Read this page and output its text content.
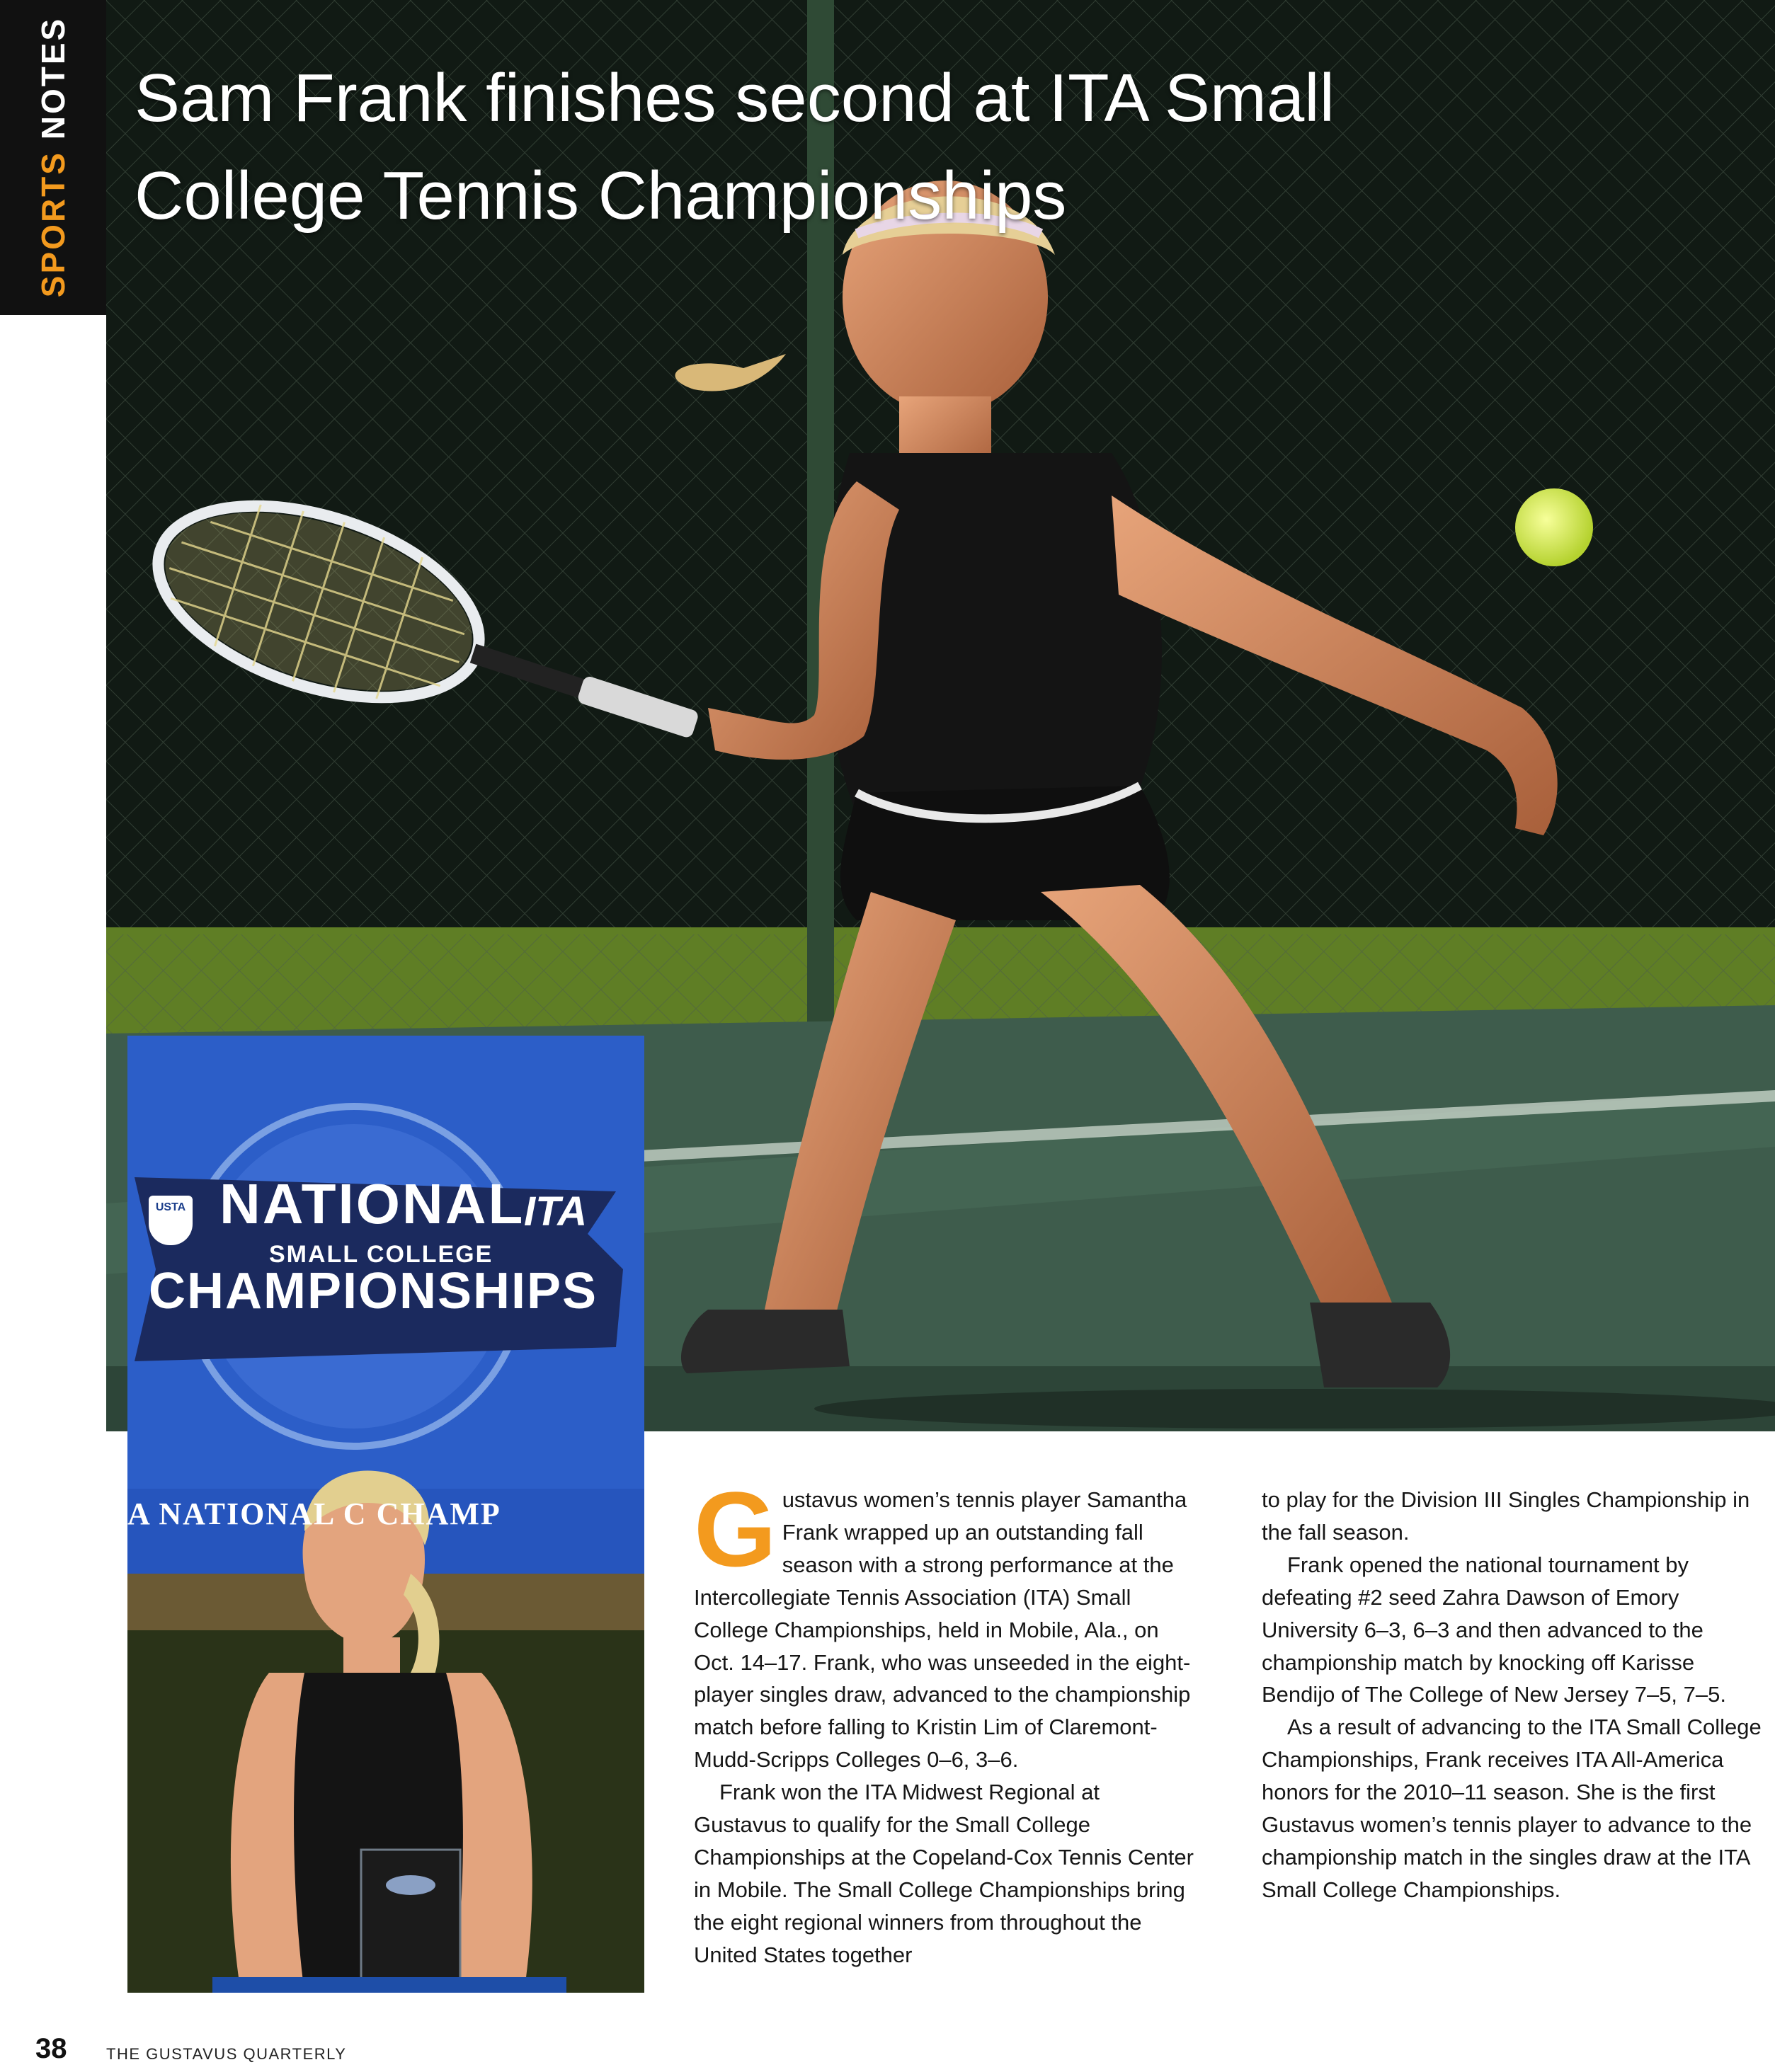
SPORTS NOTES Sam Frank finishes second at ITA Small College Tennis Championships
USTA NATIONAL
ITA
SMALL COLLEGE
CHAMPIONSHIPS
A NATIONAL C CHAMP Gustavus women’s tennis player Samantha Frank wrapped up an outstanding fall season with a strong performance at the Intercollegiate Tennis Association (ITA) Small College Championships, held in Mobile, Ala., on Oct. 14–17. Frank, who was unseeded in the eight-player singles draw, advanced to the championship match before falling to Kristin Lim of Claremont-Mudd-Scripps Colleges 0–6, 3–6.

Frank won the ITA Midwest Regional at Gustavus to qualify for the Small College Championships at the Copeland-Cox Tennis Center in Mobile. The Small College Championships bring the eight regional winners from throughout the United States together

to play for the Division III Singles Championship in the fall season.

Frank opened the national tournament by defeating #2 seed Zahra Dawson of Emory University 6–3, 6–3 and then advanced to the championship match by knocking off Karisse Bendijo of The College of New Jersey 7–5, 7–5.

As a result of advancing to the ITA Small College Championships, Frank receives ITA All-America honors for the 2010–11 season. She is the first Gustavus women’s tennis player to advance to the championship match in the singles draw at the ITA Small College Championships.

38	THE GUSTAVUS QUARTERLY
